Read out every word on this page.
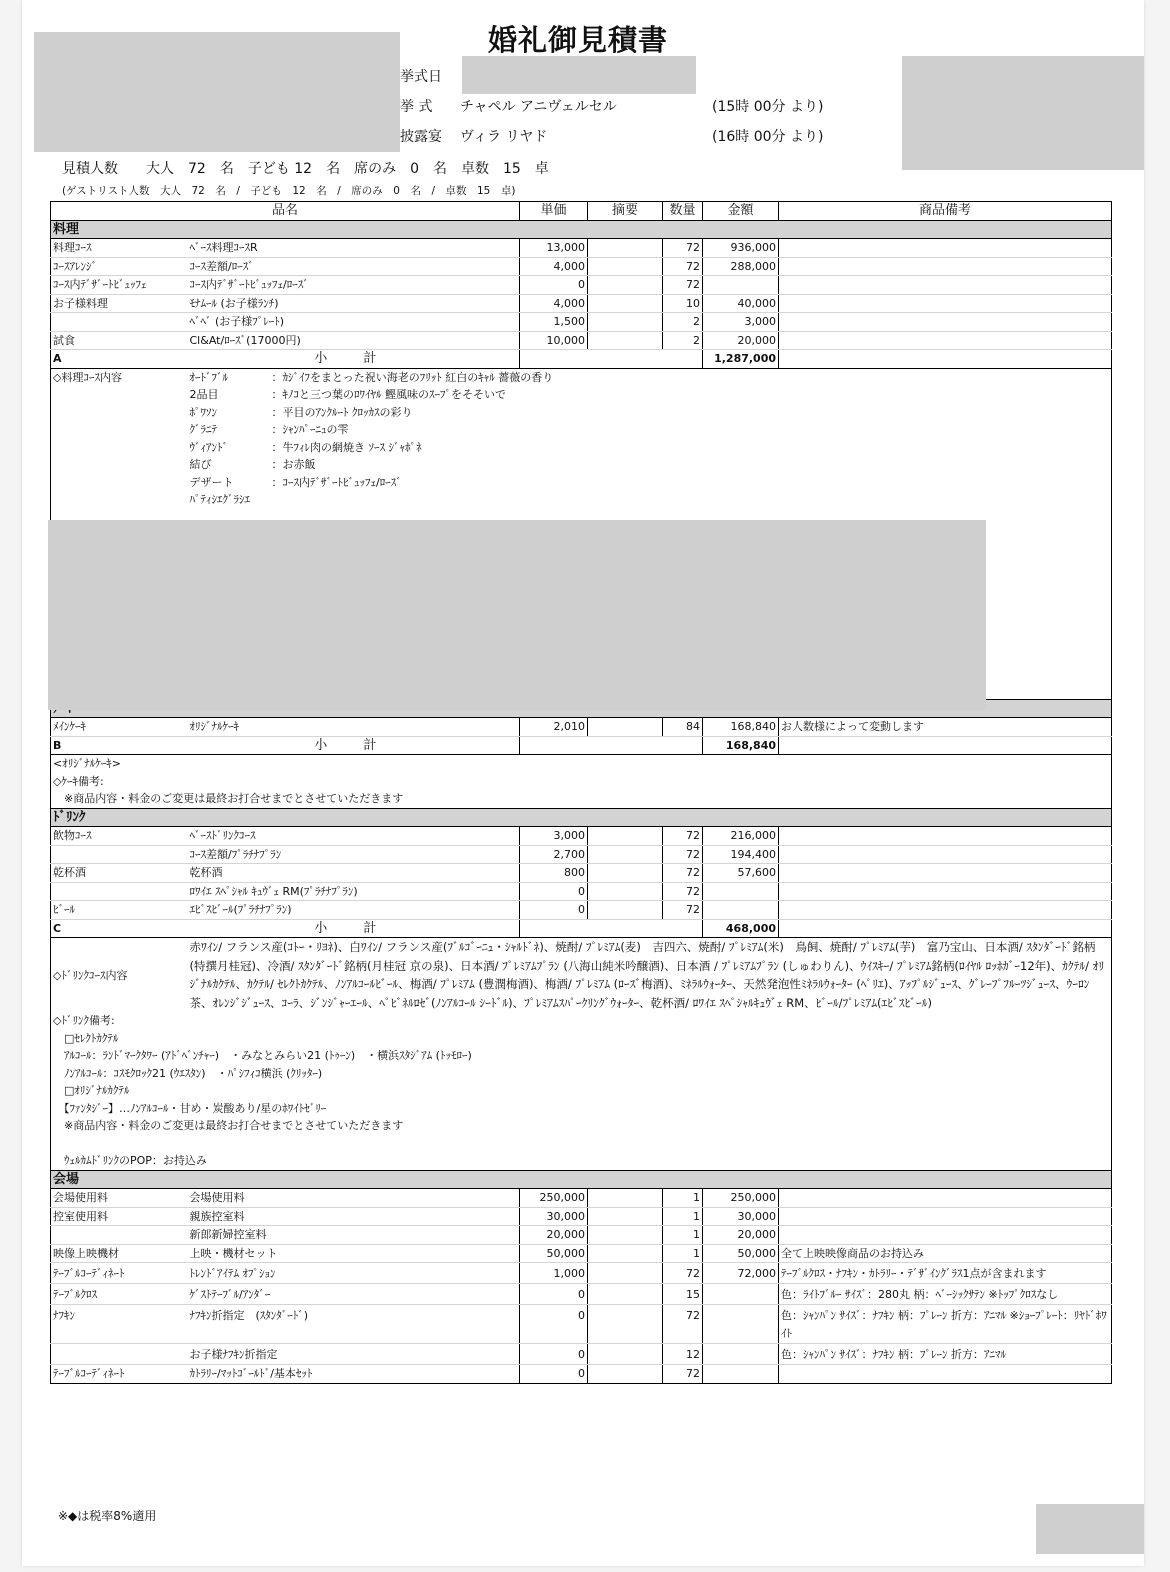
婚礼御見積書
挙式日
挙 式 チャペル アニヴェルセル	(15時 00分 より)
披露宴 ヴィラ リヤド	(16時 00分 より)
見積人数　　大人　72　名　子ども 12　名　席のみ　0　名　卓数　15　卓
(ゲストリスト人数　大人　72　名　/　子ども　12　名　/　席のみ　0　名　/　卓数　15　卓)
品名		単価	摘要	数量	金額	商品備考
料理						
料理ｺｰｽ	ﾍﾞｰｽ料理ｺｰｽR	13,000		72	936,000	
ｺｰｽｱﾚﾝｼﾞ	ｺｰｽ差額/ﾛｰｽﾞ	4,000		72	288,000	
ｺｰｽ内ﾃﾞｻﾞｰﾄﾋﾞｭｯﾌｪ	ｺｰｽ内ﾃﾞｻﾞｰﾄﾋﾞｭｯﾌｪ/ﾛｰｽﾞ	0		72		
お子様料理	ﾓﾅﾑｰﾙ (お子様ﾗﾝﾁ)	4,000		10	40,000	
	ﾍﾞﾍﾞ (お子様ﾌﾟﾚｰﾄ)	1,500		2	3,000	
試食	Cl&At/ﾛｰｽﾞ(17000円)	10,000		2	20,000	
A	小 計				1,287,000	
◇料理ｺｰｽ内容	ｵｰﾄﾞﾌﾞﾙ ：ｶｼﾞｲﾌをまとった祝い海老のﾌﾘｯﾄ 紅白のｷｬﾙ 薔薇の香り					
	2品目 ：ｷﾉｺと三つ葉のﾛﾜｲﾔﾙ 鰹風味のｽｰﾌﾟをそそいで					
	ﾎﾟﾜｿﾝ ：平目のｱﾝｸﾙｰﾄ ｸﾛｯｶｽの彩り					
	ｸﾞﾗﾆﾃ ：ｼｬﾝﾊﾟｰﾆｭの雫					
	ｳﾞｨｱﾝﾄﾞ ：牛ﾌｨﾚ肉の網焼き ｿｰｽ ｼﾞｬﾎﾟﾈ					
	結び ：お赤飯					
	デザート ：ｺｰｽ内ﾃﾞｻﾞｰﾄﾋﾞｭｯﾌｪ/ﾛｰｽﾞ					
	ﾊﾟﾃｨｼｴｸﾞﾗｼｴ					

ﾒｲﾝｹｰｷ	ｵﾘｼﾞﾅﾙｹｰｷ	2,010		84	168,840	お人数様によって変動します
B	小 計				168,840	
<ｵﾘｼﾞﾅﾙｹｰｷ>						
◇ｹｰｷ備考:						
　※商品内容・料金のご変更は最終お打合せまでとさせていただきます						
ﾄﾞﾘﾝｸ						
飲物ｺｰｽ	ﾍﾞｰｽﾄﾞﾘﾝｸｺｰｽ	3,000		72	216,000	
	ｺｰｽ差額/ﾌﾟﾗﾁﾅﾌﾟﾗﾝ	2,700		72	194,400	
乾杯酒	乾杯酒	800		72	57,600	
	ﾛﾜｲｴ ｽﾍﾟｼｬﾙ ｷｭｳﾞｪ RM(ﾌﾟﾗﾁﾅﾌﾟﾗﾝ)	0		72		
ﾋﾞｰﾙ	ｴﾋﾞｽﾋﾞｰﾙ(ﾌﾟﾗﾁﾅﾌﾟﾗﾝ)	0		72		
C	小 計				468,000	
◇ﾄﾞﾘﾝｸｺｰｽ内容	赤ﾜｲﾝ/ フランス産(ｺﾄｰ・ﾘﾖﾈ)、白ﾜｲﾝ/ フランス産(ﾌﾞﾙｺﾞｰﾆｭ・ｼｬﾙﾄﾞﾈ)、焼酎/ ﾌﾟﾚﾐｱﾑ(麦)　吉四六、焼酎/ ﾌﾟﾚﾐｱﾑ(米)　鳥飼、焼酎/ ﾌﾟﾚﾐｱﾑ(芋)　富乃宝山、日本酒/ ｽﾀﾝﾀﾞｰﾄﾞ銘柄(特撰月桂冠)、冷酒/ ｽﾀﾝﾀﾞｰﾄﾞ銘柄(月桂冠 京の泉)、日本酒/ ﾌﾟﾚﾐｱﾑﾌﾟﾗﾝ (八海山純米吟醸酒)、日本酒 / ﾌﾟﾚﾐｱﾑﾌﾟﾗﾝ (しゅわりん)、ｳｲｽｷｰ/ ﾌﾟﾚﾐｱﾑ銘柄(ﾛｲﾔﾙ ﾛｯﾎｶﾞｰ12年)、ｶｸﾃﾙ/ ｵﾘｼﾞﾅﾙｶｸﾃﾙ、ｶｸﾃﾙ/ ｾﾚｸﾄｶｸﾃﾙ、ﾉﾝｱﾙｺｰﾙﾋﾞｰﾙ、梅酒/ ﾌﾟﾚﾐｱﾑ (豊潤梅酒)、梅酒/ ﾌﾟﾚﾐｱﾑ (ﾛｰｽﾞ梅酒)、ﾐﾈﾗﾙｳｫｰﾀｰ、天然発泡性ﾐﾈﾗﾙｳｫｰﾀｰ (ﾍﾟﾘｴ)、ｱｯﾌﾟﾙｼﾞｭｰｽ、ｸﾞﾚｰﾌﾟﾌﾙｰﾂｼﾞｭｰｽ、ｳｰﾛﾝ茶、ｵﾚﾝｼﾞｼﾞｭｰｽ、ｺｰﾗ、ｼﾞﾝｼﾞｬｰｴｰﾙ、ﾍﾟﾋﾞﾈﾙﾛｾﾞ(ﾉﾝｱﾙｺｰﾙ ｼｰﾄﾞﾙ)、ﾌﾟﾚﾐｱﾑｽﾊﾟｰｸﾘﾝｸﾞｳｫｰﾀｰ、乾杯酒/ ﾛﾜｲｴ ｽﾍﾟｼｬﾙｷｭｳﾞｪ RM、ﾋﾞｰﾙ/ﾌﾟﾚﾐｱﾑ(ｴﾋﾞｽﾋﾞｰﾙ)					
◇ﾄﾞﾘﾝｸ備考:						
　□ｾﾚｸﾄｶｸﾃﾙ						
　ｱﾙｺｰﾙ：ﾗﾝﾄﾞﾏｰｸﾀﾜｰ (ｱﾄﾞﾍﾞﾝﾁｬｰ)　・みなとみらい21 (ﾄｩｰﾝ)　・横浜ｽﾀｼﾞｱﾑ (ﾄｯﾓﾛｰ)						
　ﾉﾝｱﾙｺｰﾙ：ｺｽﾓｸﾛｯｸ21 (ｳｴｽﾀﾝ)　・ﾊﾟｼﾌｨｺ横浜 (ｸﾘｯﾀｰ)						
　□ｵﾘｼﾞﾅﾙｶｸﾃﾙ						
　【ﾌｧﾝﾀｼﾞｰ】…ﾉﾝｱﾙｺｰﾙ・甘め・炭酸あり/星のﾎﾜｲﾄｾﾞﾘｰ						
　※商品内容・料金のご変更は最終お打合せまでとさせていただきます						

　ｳｪﾙｶﾑﾄﾞﾘﾝｸのPOP：お持込み						
会場						
会場使用料	会場使用料	250,000		1	250,000	
控室使用料	親族控室料	30,000		1	30,000	
	新郎新婦控室料	20,000		1	20,000	
映像上映機材	上映・機材セット	50,000		1	50,000	全て上映映像商品のお持込み
ﾃｰﾌﾞﾙｺｰﾃﾞｨﾈｰﾄ	ﾄﾚﾝﾄﾞｱｲﾃﾑ ｵﾌﾟｼｮﾝ	1,000		72	72,000	ﾃｰﾌﾞﾙｸﾛｽ・ﾅﾌｷﾝ・ｶﾄﾗﾘｰ・ﾃﾞｻﾞｲﾝｸﾞﾗｽ1点が含まれます
ﾃｰﾌﾞﾙｸﾛｽ	ｹﾞｽﾄﾃｰﾌﾞﾙ/ｱﾝﾀﾞｰ	0		15		色：ﾗｲﾄﾌﾞﾙｰ ｻｲｽﾞ：280丸 柄：ﾍﾞｰｼｯｸｻﾃﾝ ※ﾄｯﾌﾟｸﾛｽなし
ﾅﾌｷﾝ	ﾅﾌｷﾝ折指定　(ｽﾀﾝﾀﾞｰﾄﾞ)	0		72		色：ｼｬﾝﾊﾟﾝ ｻｲｽﾞ：ﾅﾌｷﾝ 柄：ﾌﾟﾚｰﾝ 折方：ｱﾆﾏﾙ ※ｼｮｰﾌﾟﾚｰﾄ：ﾘﾔﾄﾞﾎﾜｲﾄ
	お子様ﾅﾌｷﾝ折指定	0		12		色：ｼｬﾝﾊﾟﾝ ｻｲｽﾞ：ﾅﾌｷﾝ 柄：ﾌﾟﾚｰﾝ 折方：ｱﾆﾏﾙ
ﾃｰﾌﾞﾙｺｰﾃﾞｨﾈｰﾄ	ｶﾄﾗﾘｰ/ﾏｯﾄｺﾞｰﾙﾄﾞ/基本ｾｯﾄ	0		72		
※◆は税率8%適用
